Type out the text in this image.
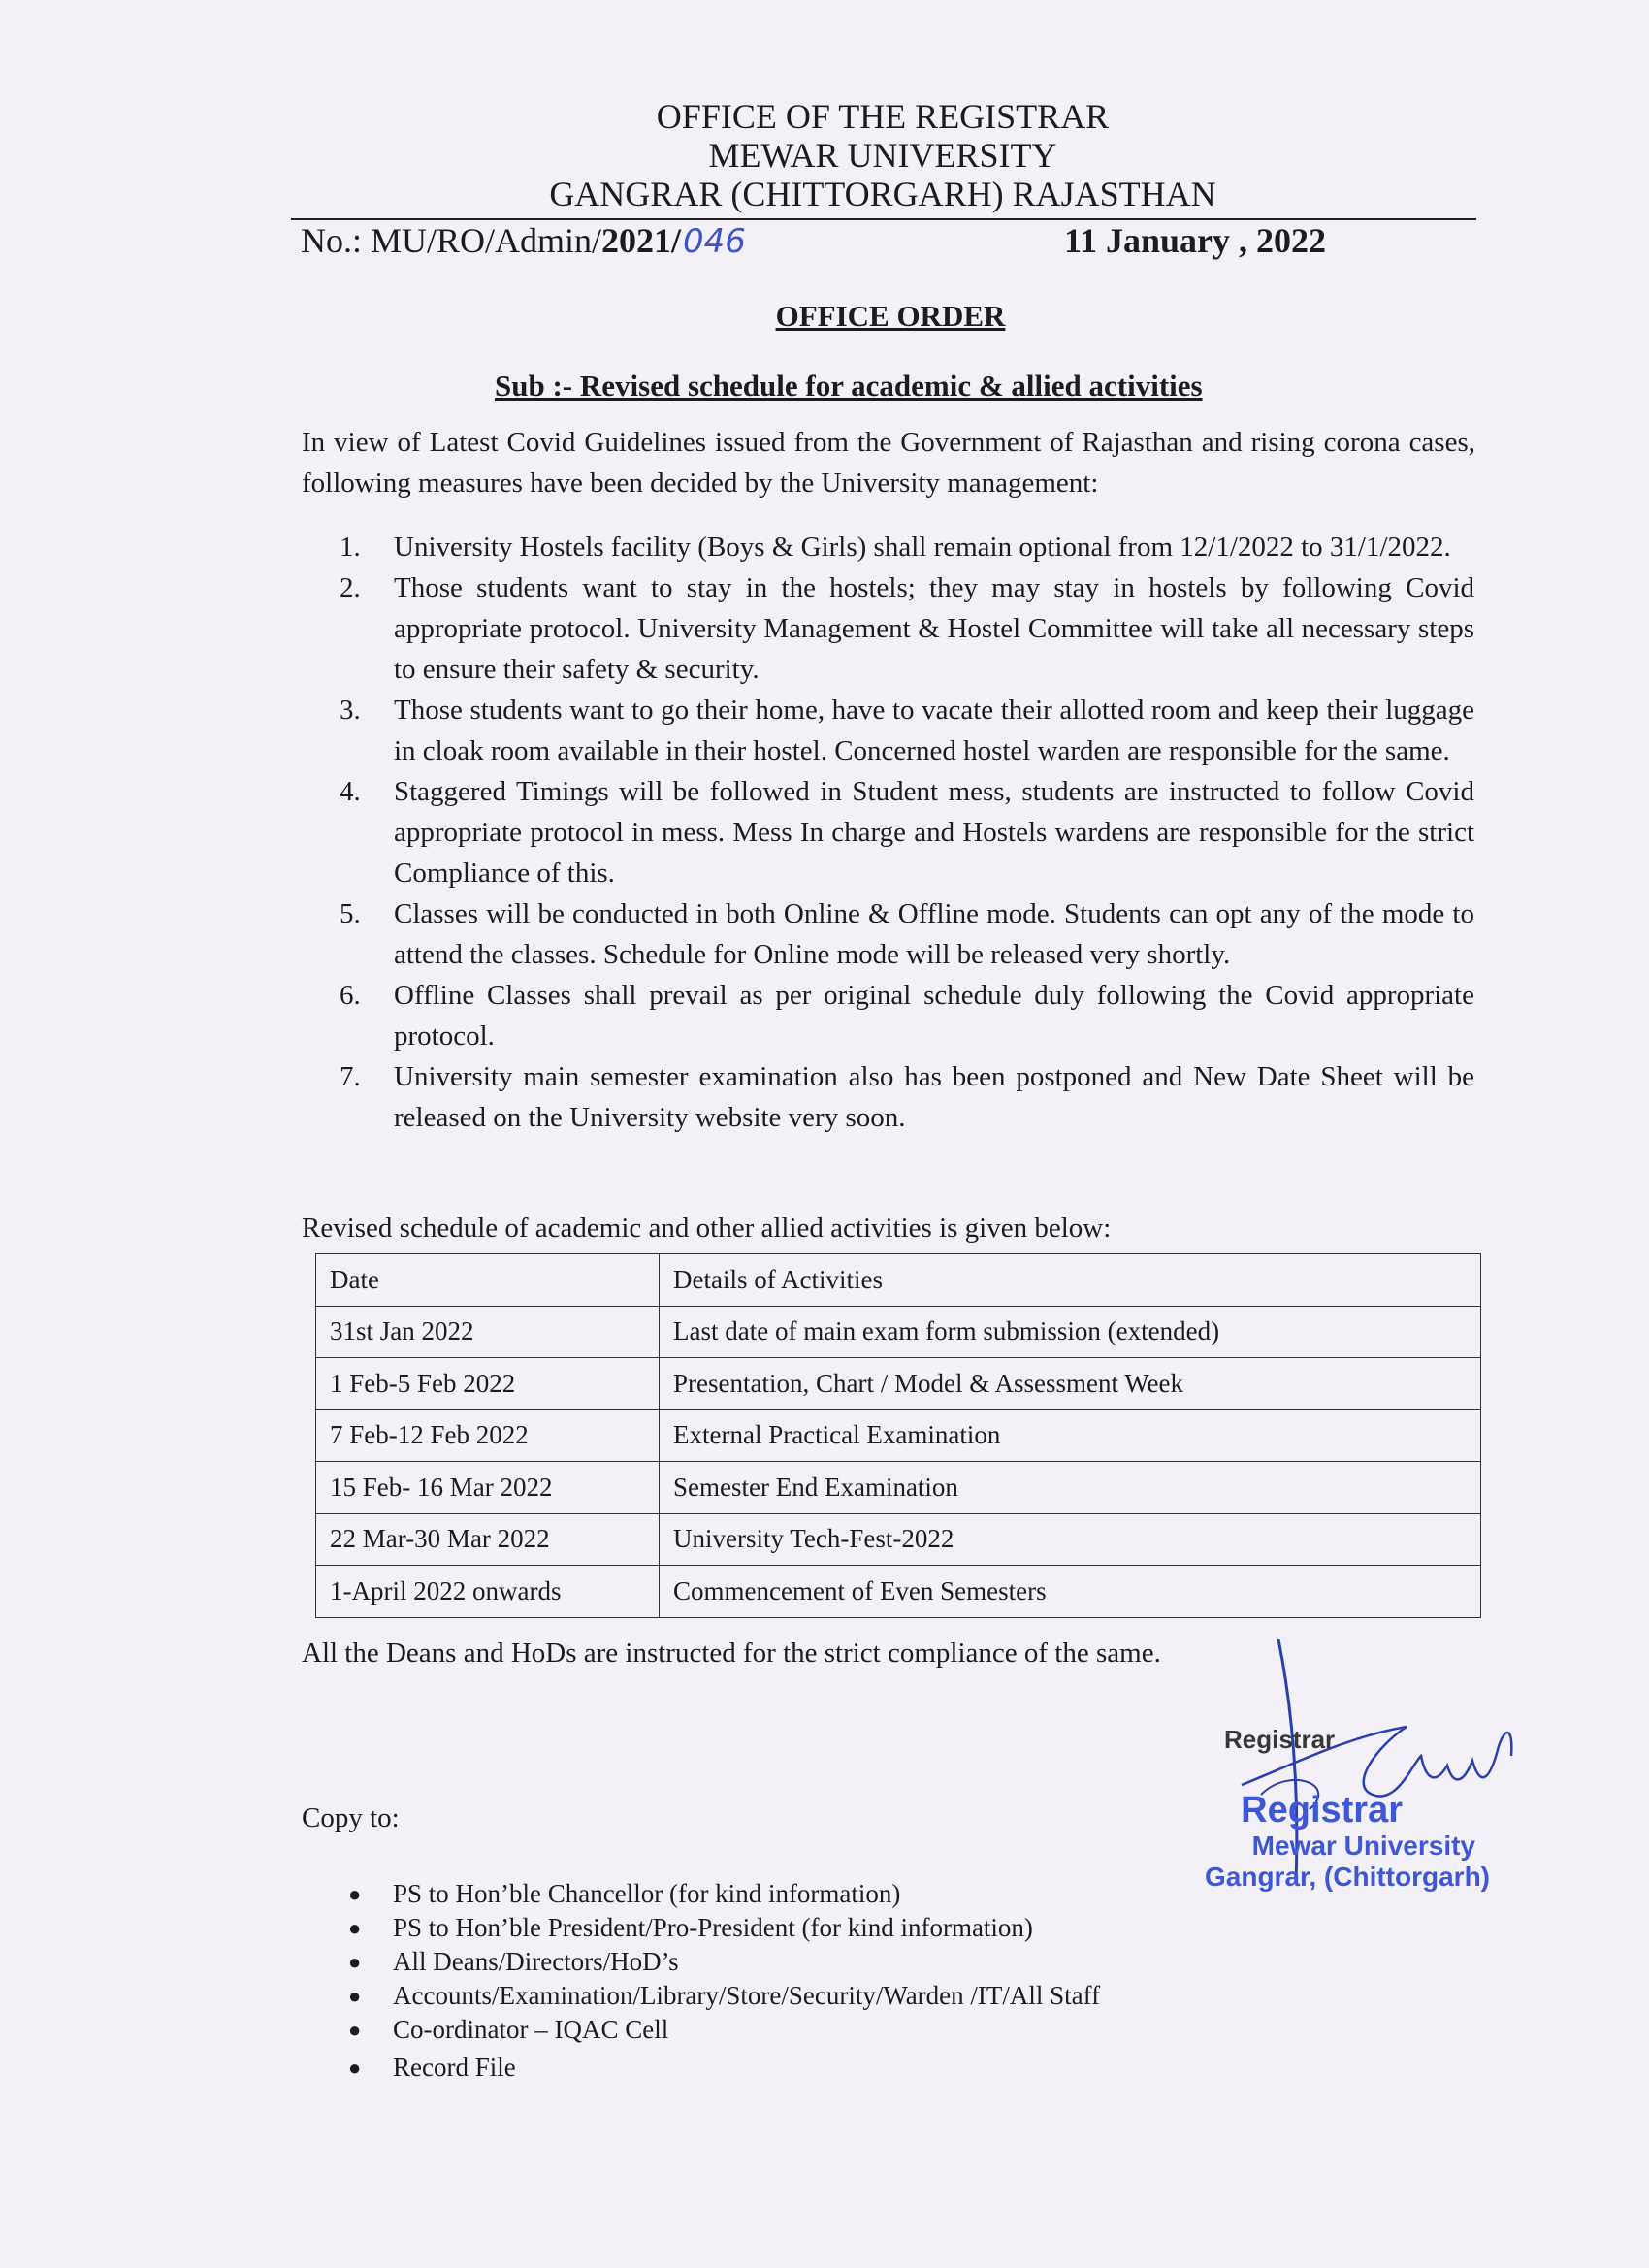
OFFICE OF THE REGISTRAR
MEWAR UNIVERSITY
GANGRAR (CHITTORGARH) RAJASTHAN
No.: MU/RO/Admin/2021/046	11 January , 2022
OFFICE ORDER
Sub :- Revised schedule for academic & allied activities
In view of Latest Covid Guidelines issued from the Government of Rajasthan and rising corona cases, following measures have been decided by the University management:
1. University Hostels facility (Boys & Girls) shall remain optional from 12/1/2022 to 31/1/2022.
2. Those students want to stay in the hostels; they may stay in hostels by following Covid appropriate protocol. University Management & Hostel Committee will take all necessary steps to ensure their safety & security.
3. Those students want to go their home, have to vacate their allotted room and keep their luggage in cloak room available in their hostel. Concerned hostel warden are responsible for the same.
4. Staggered Timings will be followed in Student mess, students are instructed to follow Covid appropriate protocol in mess. Mess In charge and Hostels wardens are responsible for the strict Compliance of this.
5. Classes will be conducted in both Online & Offline mode. Students can opt any of the mode to attend the classes. Schedule for Online mode will be released very shortly.
6. Offline Classes shall prevail as per original schedule duly following the Covid appropriate protocol.
7. University main semester examination also has been postponed and New Date Sheet will be released on the University website very soon.
Revised schedule of academic and other allied activities is given below:
Date	Details of Activities
31st Jan 2022	Last date of main exam form submission (extended)
1 Feb-5 Feb 2022	Presentation, Chart / Model & Assessment Week
7 Feb-12 Feb 2022	External Practical Examination
15 Feb- 16 Mar 2022	Semester End Examination
22 Mar-30 Mar 2022	University Tech-Fest-2022
1-April 2022 onwards	Commencement of Even Semesters
All the Deans and HoDs are instructed for the strict compliance of the same.
Registrar
Registrar
Mewar University
Gangrar, (Chittorgarh)
Copy to:
● PS to Hon’ble Chancellor (for kind information)
● PS to Hon’ble President/Pro-President (for kind information)
● All Deans/Directors/HoD’s
● Accounts/Examination/Library/Store/Security/Warden /IT/All Staff
● Co-ordinator – IQAC Cell
● Record File
